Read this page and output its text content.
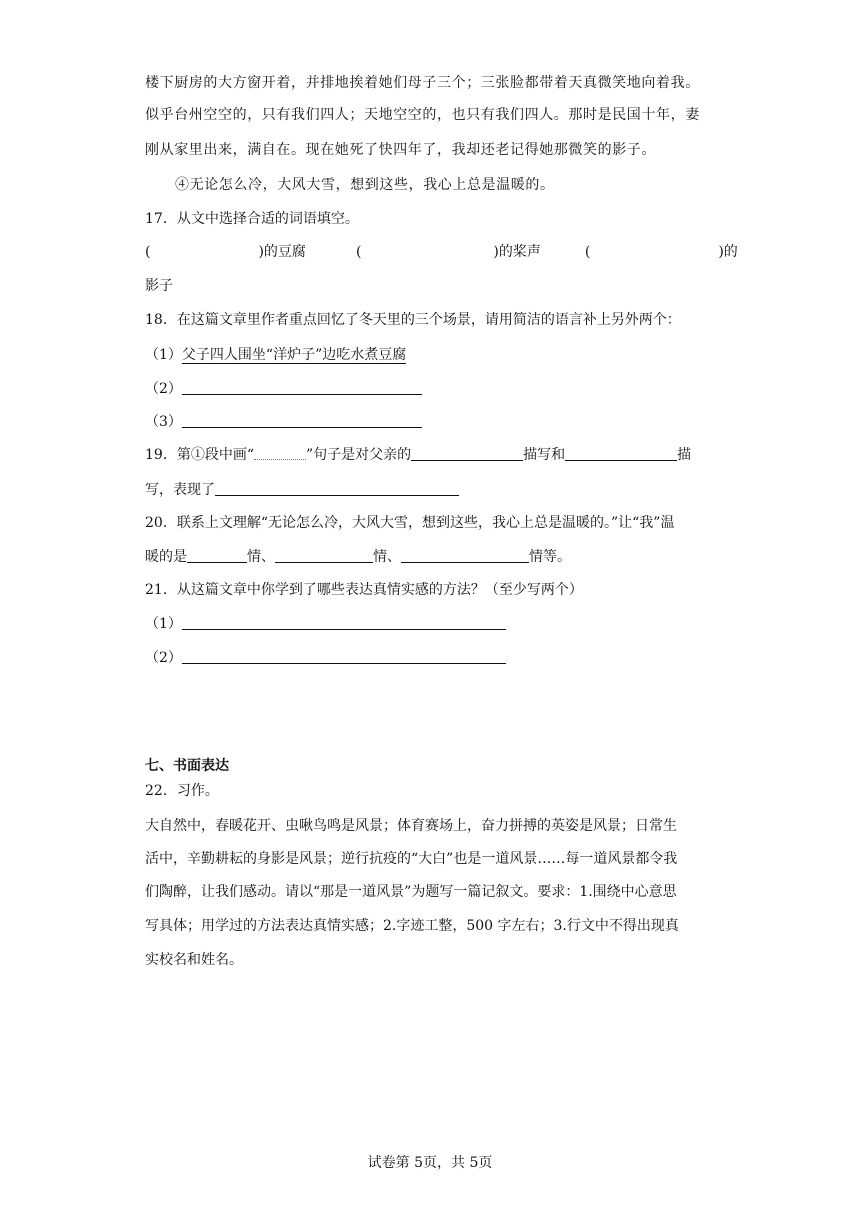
楼下厨房的大方窗开着，并排地挨着她们母子三个；三张脸都带着天真微笑地向着我。
似乎台州空空的，只有我们四人；天地空空的，也只有我们四人。那时是民国十年，妻
刚从家里出来，满自在。现在她死了快四年了，我却还老记得她那微笑的影子。
④无论怎么冷，大风大雪，想到这些，我心上总是温暖的。
17．从文中选择合适的词语填空。
(	)的豆腐	(	)的桨声	(	)的
影子
18．在这篇文章里作者重点回忆了冬天里的三个场景，请用简洁的语言补上另外两个：
（1）父子四人围坐“洋炉子”边吃水煮豆腐
（2）
（3）
19．第①段中画“	”句子是对父亲的	描写和	描
写，表现了
20．联系上文理解“无论怎么冷，大风大雪，想到这些，我心上总是温暖的。”让“我”温
暖的是	情、	情、	情等。
21．从这篇文章中你学到了哪些表达真情实感的方法？（至少写两个）
（1）
（2）
七、书面表达
22．习作。
大自然中，春暖花开、虫啾鸟鸣是风景；体育赛场上，奋力拼搏的英姿是风景；日常生
活中，辛勤耕耘的身影是风景；逆行抗疫的“大白”也是一道风景……每一道风景都令我
们陶醉，让我们感动。请以“那是一道风景”为题写一篇记叙文。要求：1.围绕中心意思
写具体；用学过的方法表达真情实感；2.字迹工整，500 字左右；3.行文中不得出现真
实校名和姓名。
试卷第 5页，共 5页
